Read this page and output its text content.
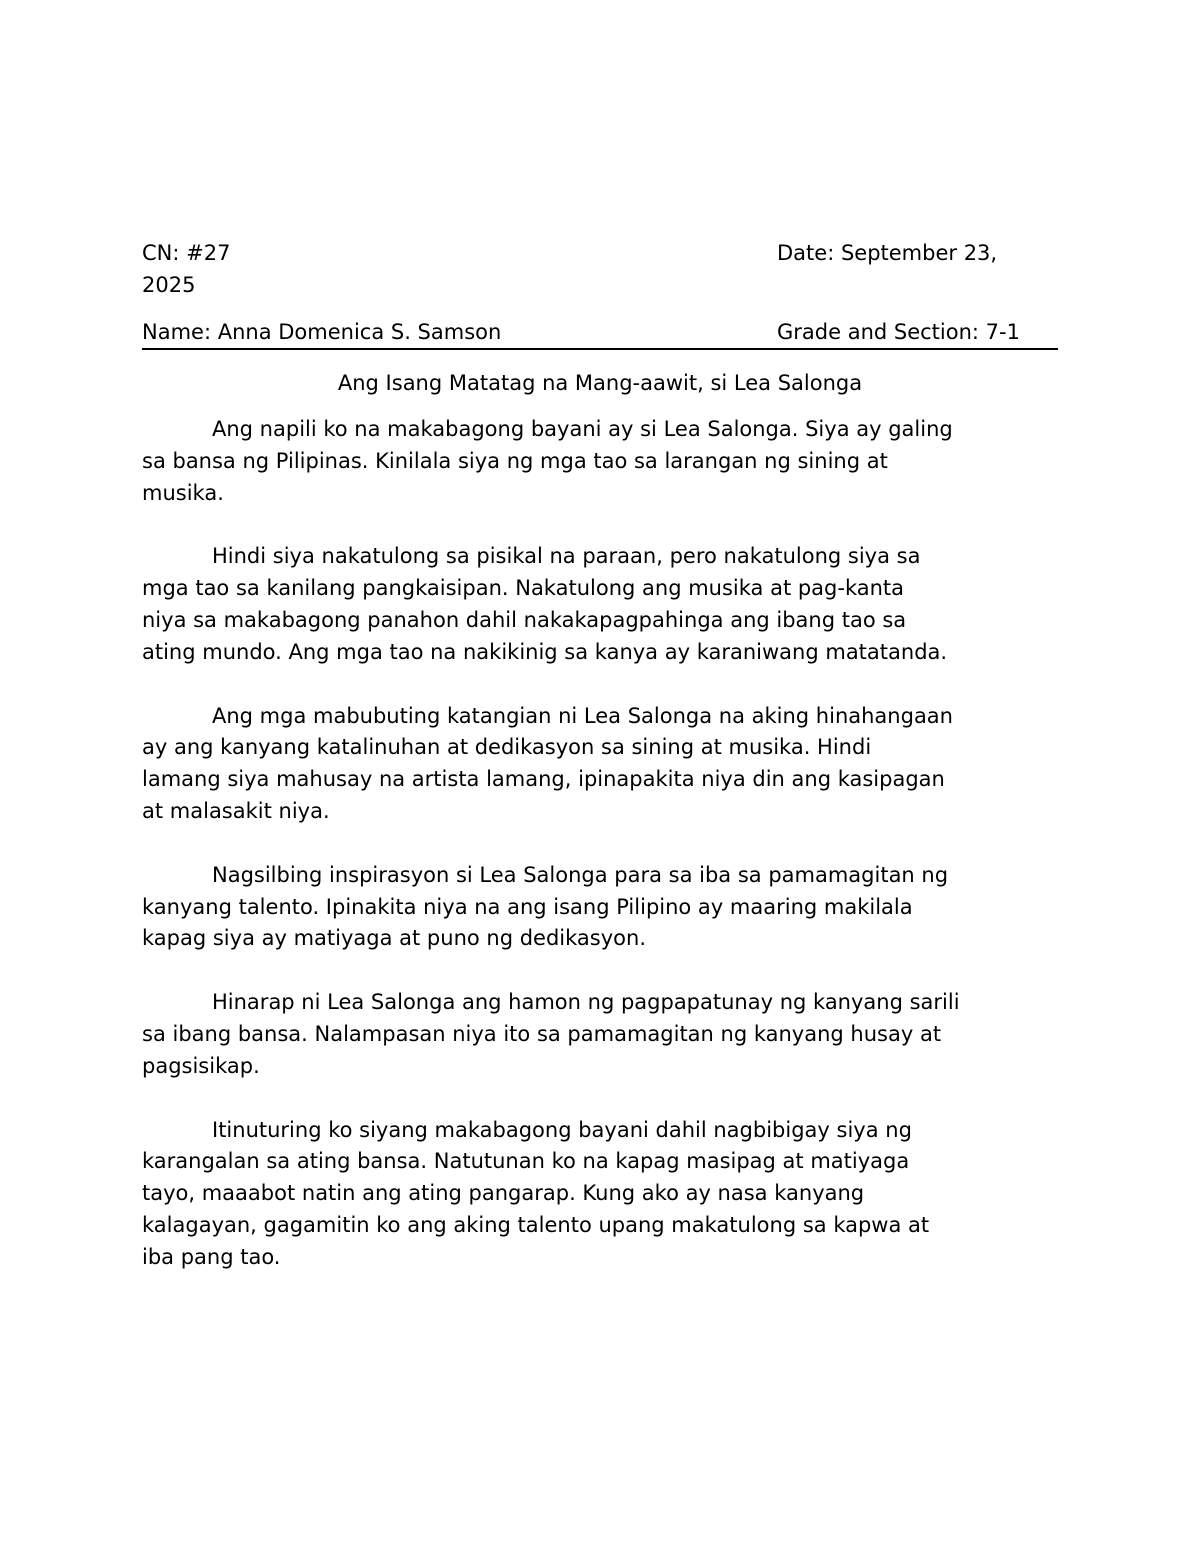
CN: #27	Date: September 23,
2025
Name: Anna Domenica S. Samson	Grade and Section: 7-1
Ang Isang Matatag na Mang-aawit, si Lea Salonga

Ang napili ko na makabagong bayani ay si Lea Salonga. Siya ay galing
sa bansa ng Pilipinas. Kinilala siya ng mga tao sa larangan ng sining at
musika.

Hindi siya nakatulong sa pisikal na paraan, pero nakatulong siya sa
mga tao sa kanilang pangkaisipan. Nakatulong ang musika at pag-kanta
niya sa makabagong panahon dahil nakakapagpahinga ang ibang tao sa
ating mundo. Ang mga tao na nakikinig sa kanya ay karaniwang matatanda.

Ang mga mabubuting katangian ni Lea Salonga na aking hinahangaan
ay ang kanyang katalinuhan at dedikasyon sa sining at musika. Hindi
lamang siya mahusay na artista lamang, ipinapakita niya din ang kasipagan
at malasakit niya.

Nagsilbing inspirasyon si Lea Salonga para sa iba sa pamamagitan ng
kanyang talento. Ipinakita niya na ang isang Pilipino ay maaring makilala
kapag siya ay matiyaga at puno ng dedikasyon.

Hinarap ni Lea Salonga ang hamon ng pagpapatunay ng kanyang sarili
sa ibang bansa. Nalampasan niya ito sa pamamagitan ng kanyang husay at
pagsisikap.

Itinuturing ko siyang makabagong bayani dahil nagbibigay siya ng
karangalan sa ating bansa. Natutunan ko na kapag masipag at matiyaga
tayo, maaabot natin ang ating pangarap. Kung ako ay nasa kanyang
kalagayan, gagamitin ko ang aking talento upang makatulong sa kapwa at
iba pang tao.
